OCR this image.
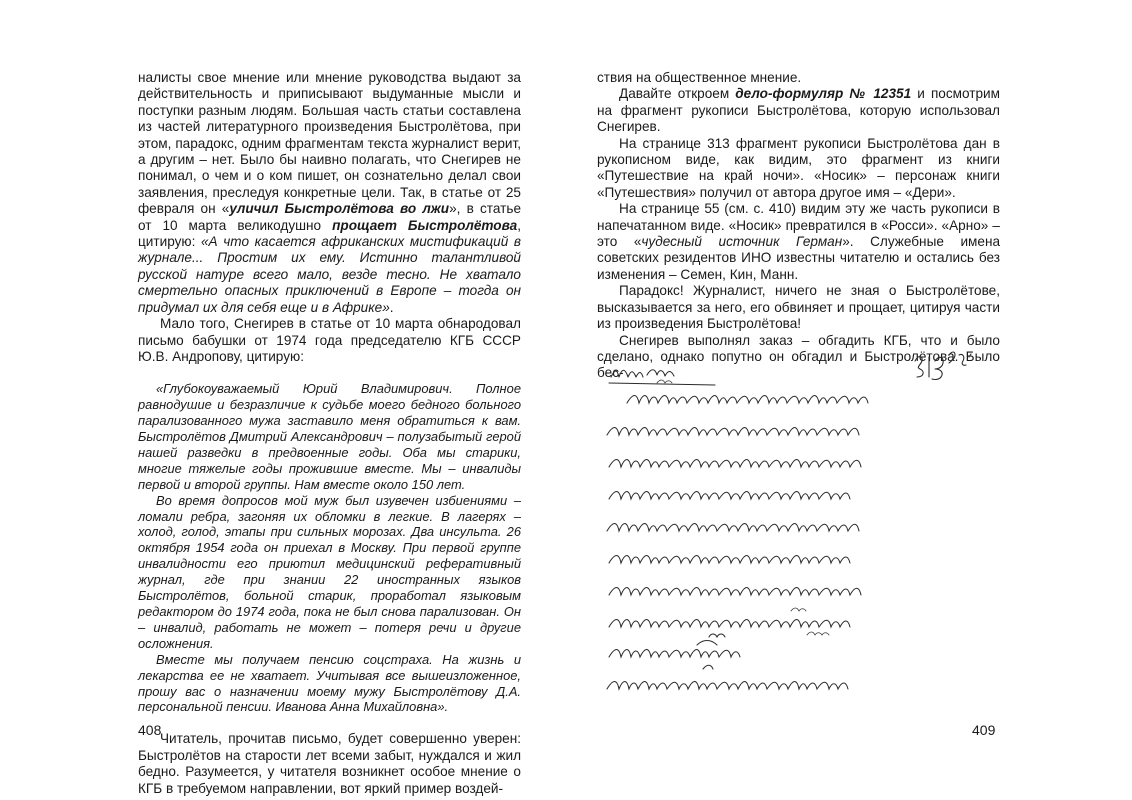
налисты свое мнение или мнение руководства выдают за действительность и приписывают выдуманные мысли и поступки разным людям. Большая часть статьи составлена из частей литературного произведения Быстролётова, при этом, парадокс, одним фрагментам текста журналист верит, а другим – нет. Было бы наивно полагать, что Снегирев не понимал, о чем и о ком пишет, он сознательно делал свои заявления, преследуя конкретные цели. Так, в статье от 25 февраля он «уличил Быстролётова во лжи», в статье от 10 марта великодушно прощает Быстролётова, цитирую: «А что касается африканских мистификаций в журнале... Простим их ему. Истинно талантливой русской натуре всего мало, везде тесно. Не хватало смертельно опасных приключений в Европе – тогда он придумал их для себя еще и в Африке».

Мало того, Снегирев в статье от 10 марта обнародовал письмо бабушки от 1974 года председателю КГБ СССР Ю.В. Андропову, цитирую:

«Глубокоуважаемый Юрий Владимирович. Полное равнодушие и безразличие к судьбе моего бедного больного парализованного мужа заставило меня обратиться к вам. Быстролётов Дмитрий Александрович – полузабытый герой нашей разведки в предвоенные годы. Оба мы старики, многие тяжелые годы прожившие вместе. Мы – инвалиды первой и второй группы. Нам вместе около 150 лет.

Во время допросов мой муж был изувечен избиениями – ломали ребра, загоняя их обломки в легкие. В лагерях – холод, голод, этапы при сильных морозах. Два инсульта. 26 октября 1954 года он приехал в Москву. При первой группе инвалидности его приютил медицинский реферативный журнал, где при знании 22 иностранных языков Быстролётов, больной старик, проработал языковым редактором до 1974 года, пока не был снова парализован. Он – инвалид, работать не может – потеря речи и другие осложнения.

Вместе мы получаем пенсию соцстраха. На жизнь и лекарства ее не хватает. Учитывая все вышеизложенное, прошу вас о назначении моему мужу Быстролётову Д.А. персональной пенсии. Иванова Анна Михайловна».

Читатель, прочитав письмо, будет совершенно уверен: Быстролётов на старости лет всеми забыт, нуждался и жил бедно. Разумеется, у читателя возникнет особое мнение о КГБ в требуемом направлении, вот яркий пример воздей-

408

ствия на общественное мнение.

Давайте откроем дело-формуляр № 12351 и посмотрим на фрагмент рукописи Быстролётова, которую использовал Снегирев.

На странице 313 фрагмент рукописи Быстролётова дан в рукописном виде, как видим, это фрагмент из книги «Путешествие на край ночи». «Носик» – персонаж книги «Путешествия» получил от автора другое имя – «Дери».

На странице 55 (см. с. 410) видим эту же часть рукописи в напечатанном виде. «Носик» превратился в «Росси». «Арно» – это «чудесный источник Герман». Служебные имена советских резидентов ИНО известны читателю и остались без изменения – Семен, Кин, Манн.

Парадокс! Журналист, ничего не зная о Быстролётове, высказывается за него, его обвиняет и прощает, цитируя части из произведения Быстролётова!

Снегирев выполнял заказ – обгадить КГБ, что и было сделано, однако попутно он обгадил и Быстролётова. Было бес-

409
